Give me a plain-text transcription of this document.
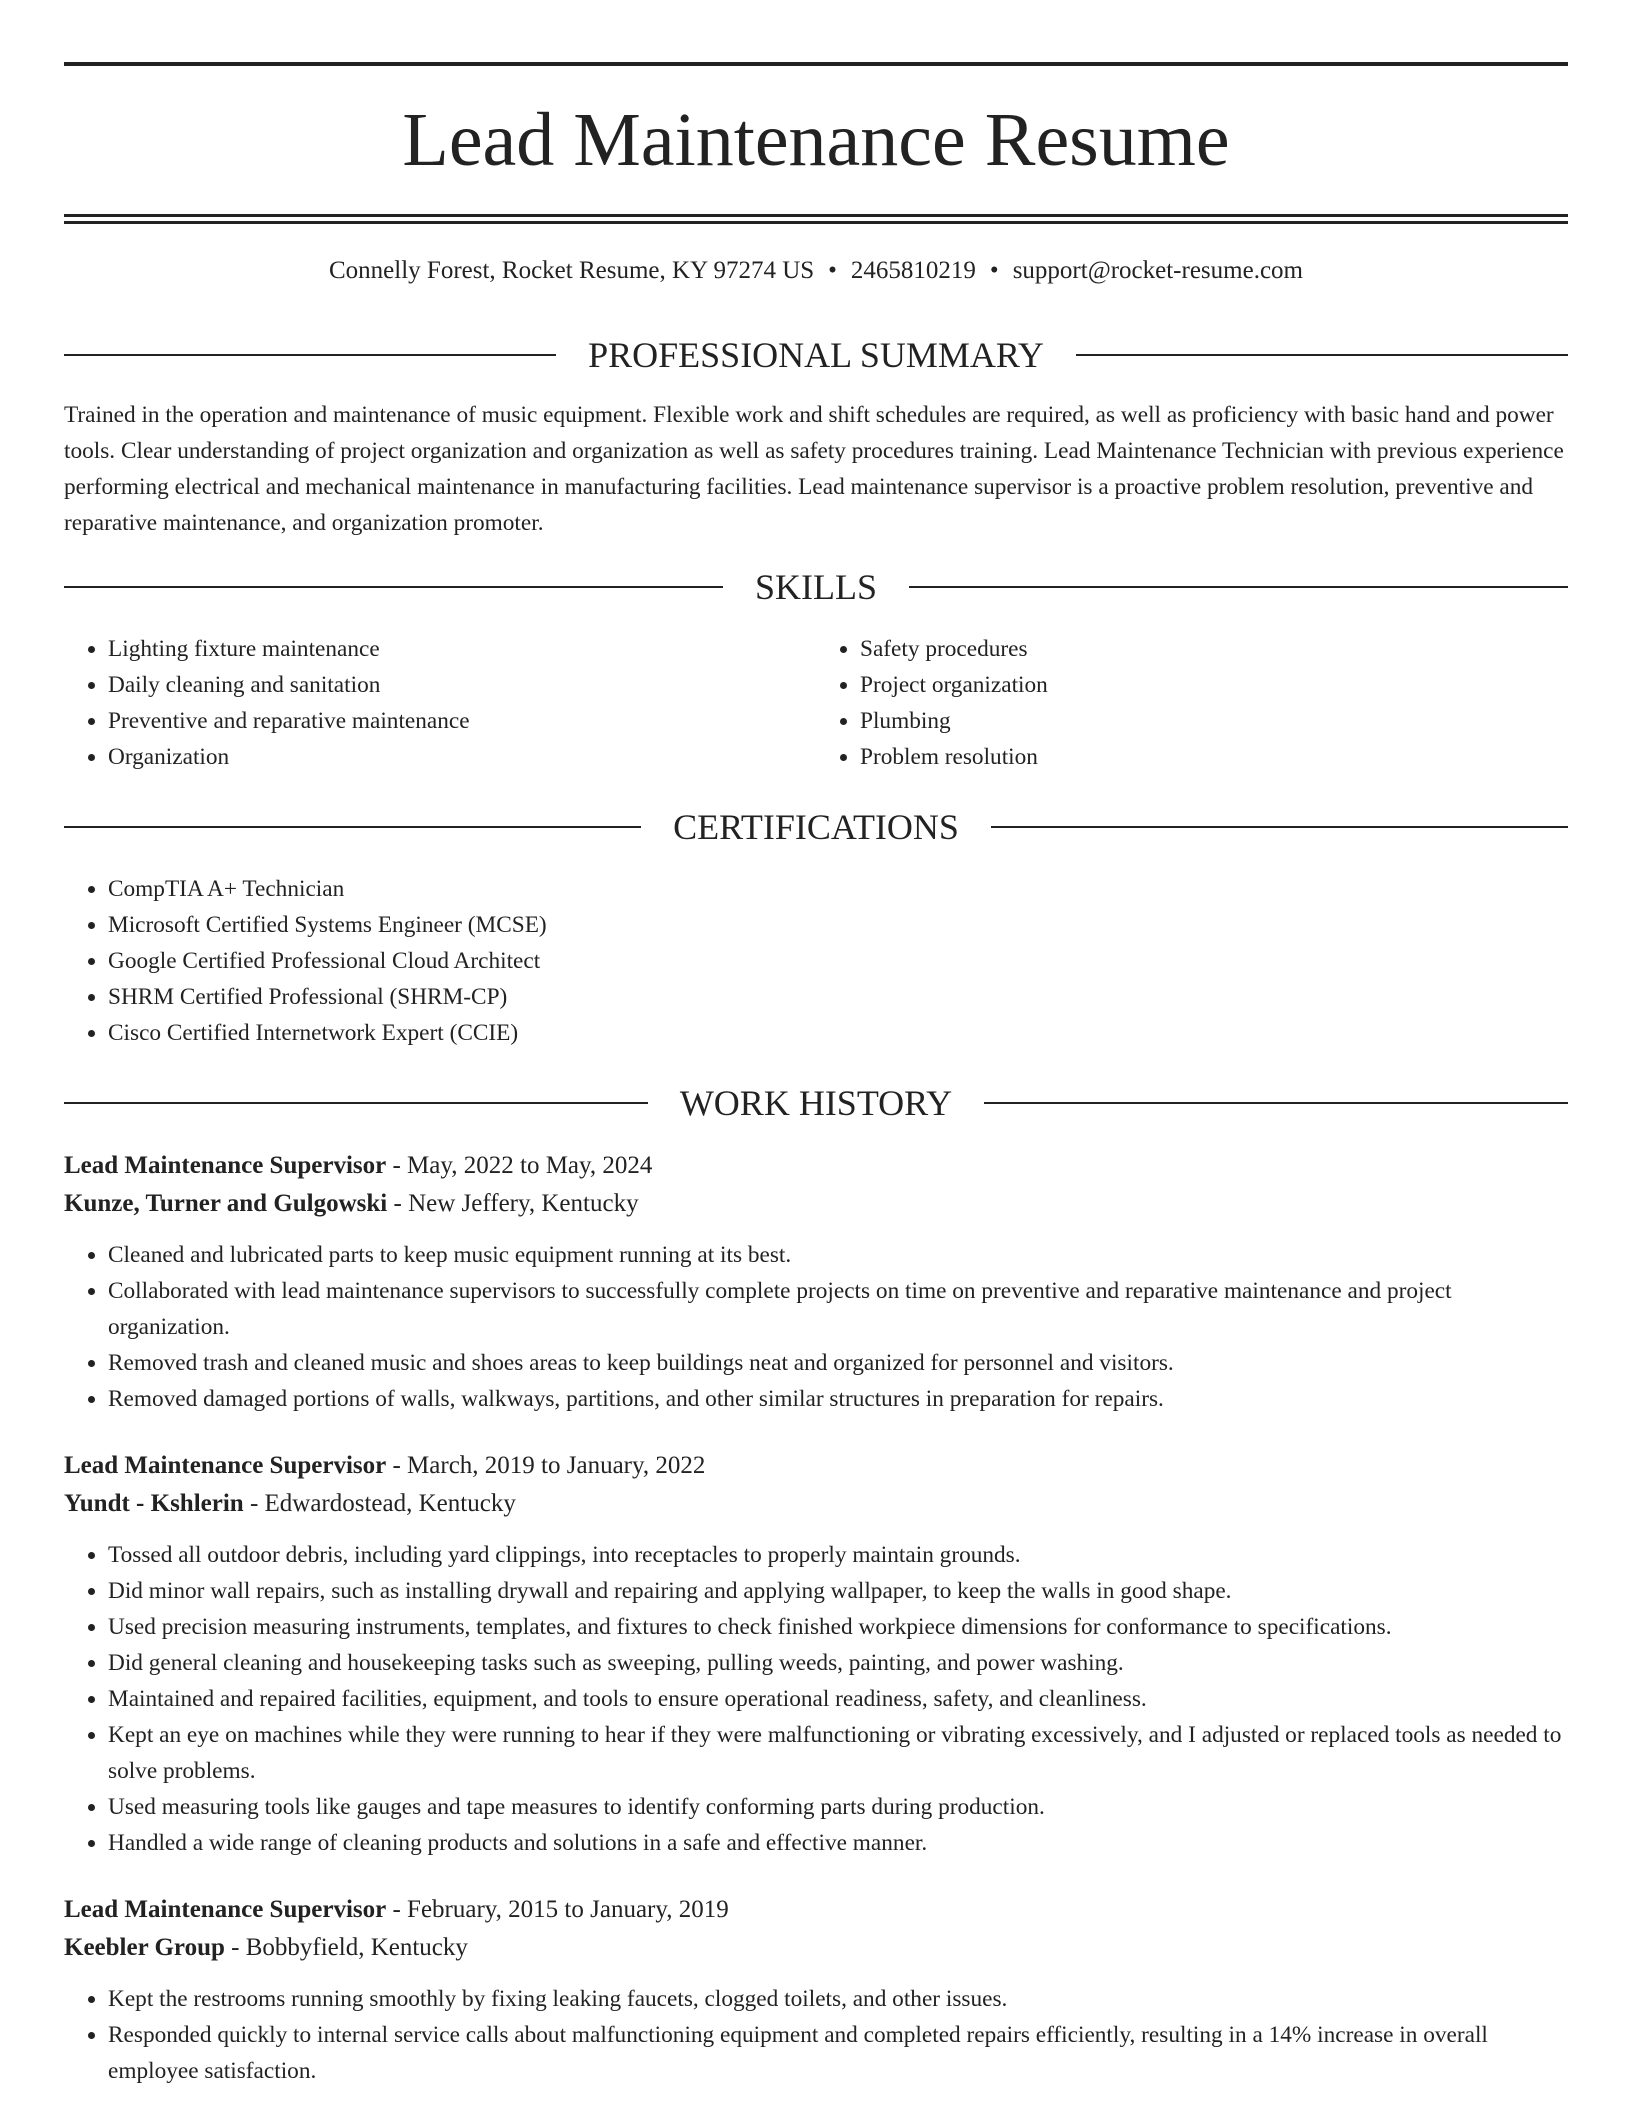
Lead Maintenance Resume
Connelly Forest, Rocket Resume, KY 97274 US • 2465810219 • support@rocket-resume.com
PROFESSIONAL SUMMARY

Trained in the operation and maintenance of music equipment. Flexible work and shift schedules are required, as well as proficiency with basic hand and power tools. Clear understanding of project organization and organization as well as safety procedures training. Lead Maintenance Technician with previous experience performing electrical and mechanical maintenance in manufacturing facilities. Lead maintenance supervisor is a proactive problem resolution, preventive and reparative maintenance, and organization promoter.

SKILLS
• Lighting fixture maintenance
• Daily cleaning and sanitation
• Preventive and reparative maintenance
• Organization
• Safety procedures
• Project organization
• Plumbing
• Problem resolution
CERTIFICATIONS
• CompTIA A+ Technician
• Microsoft Certified Systems Engineer (MCSE)
• Google Certified Professional Cloud Architect
• SHRM Certified Professional (SHRM-CP)
• Cisco Certified Internetwork Expert (CCIE)
WORK HISTORY
Lead Maintenance Supervisor - May, 2022 to May, 2024
Kunze, Turner and Gulgowski - New Jeffery, Kentucky
• Cleaned and lubricated parts to keep music equipment running at its best.
• Collaborated with lead maintenance supervisors to successfully complete projects on time on preventive and reparative maintenance and project organization.
• Removed trash and cleaned music and shoes areas to keep buildings neat and organized for personnel and visitors.
• Removed damaged portions of walls, walkways, partitions, and other similar structures in preparation for repairs.
Lead Maintenance Supervisor - March, 2019 to January, 2022
Yundt - Kshlerin - Edwardostead, Kentucky
• Tossed all outdoor debris, including yard clippings, into receptacles to properly maintain grounds.
• Did minor wall repairs, such as installing drywall and repairing and applying wallpaper, to keep the walls in good shape.
• Used precision measuring instruments, templates, and fixtures to check finished workpiece dimensions for conformance to specifications.
• Did general cleaning and housekeeping tasks such as sweeping, pulling weeds, painting, and power washing.
• Maintained and repaired facilities, equipment, and tools to ensure operational readiness, safety, and cleanliness.
• Kept an eye on machines while they were running to hear if they were malfunctioning or vibrating excessively, and I adjusted or replaced tools as needed to solve problems.
• Used measuring tools like gauges and tape measures to identify conforming parts during production.
• Handled a wide range of cleaning products and solutions in a safe and effective manner.
Lead Maintenance Supervisor - February, 2015 to January, 2019
Keebler Group - Bobbyfield, Kentucky
• Kept the restrooms running smoothly by fixing leaking faucets, clogged toilets, and other issues.
• Responded quickly to internal service calls about malfunctioning equipment and completed repairs efficiently, resulting in a 14% increase in overall employee satisfaction.
